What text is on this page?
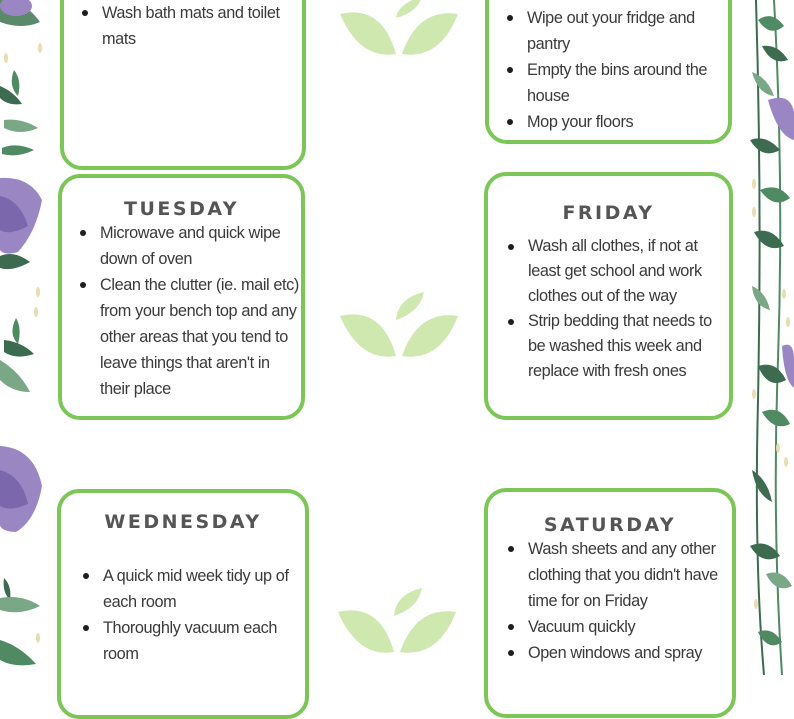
Wash bath mats and toilet mats
Wipe out your fridge and pantry
Empty the bins around the house
Mop your floors
TUESDAY
Microwave and quick wipe down of oven
Clean the clutter (ie. mail etc) from your bench top and any other areas that you tend to leave things that aren't in their place
FRIDAY
Wash all clothes, if not at least get school and work clothes out of the way
Strip bedding that needs to be washed this week and replace with fresh ones
WEDNESDAY
A quick mid week tidy up of each room
Thoroughly vacuum each room
SATURDAY
Wash sheets and any other clothing that you didn't have time for on Friday
Vacuum quickly
Open windows and spray
